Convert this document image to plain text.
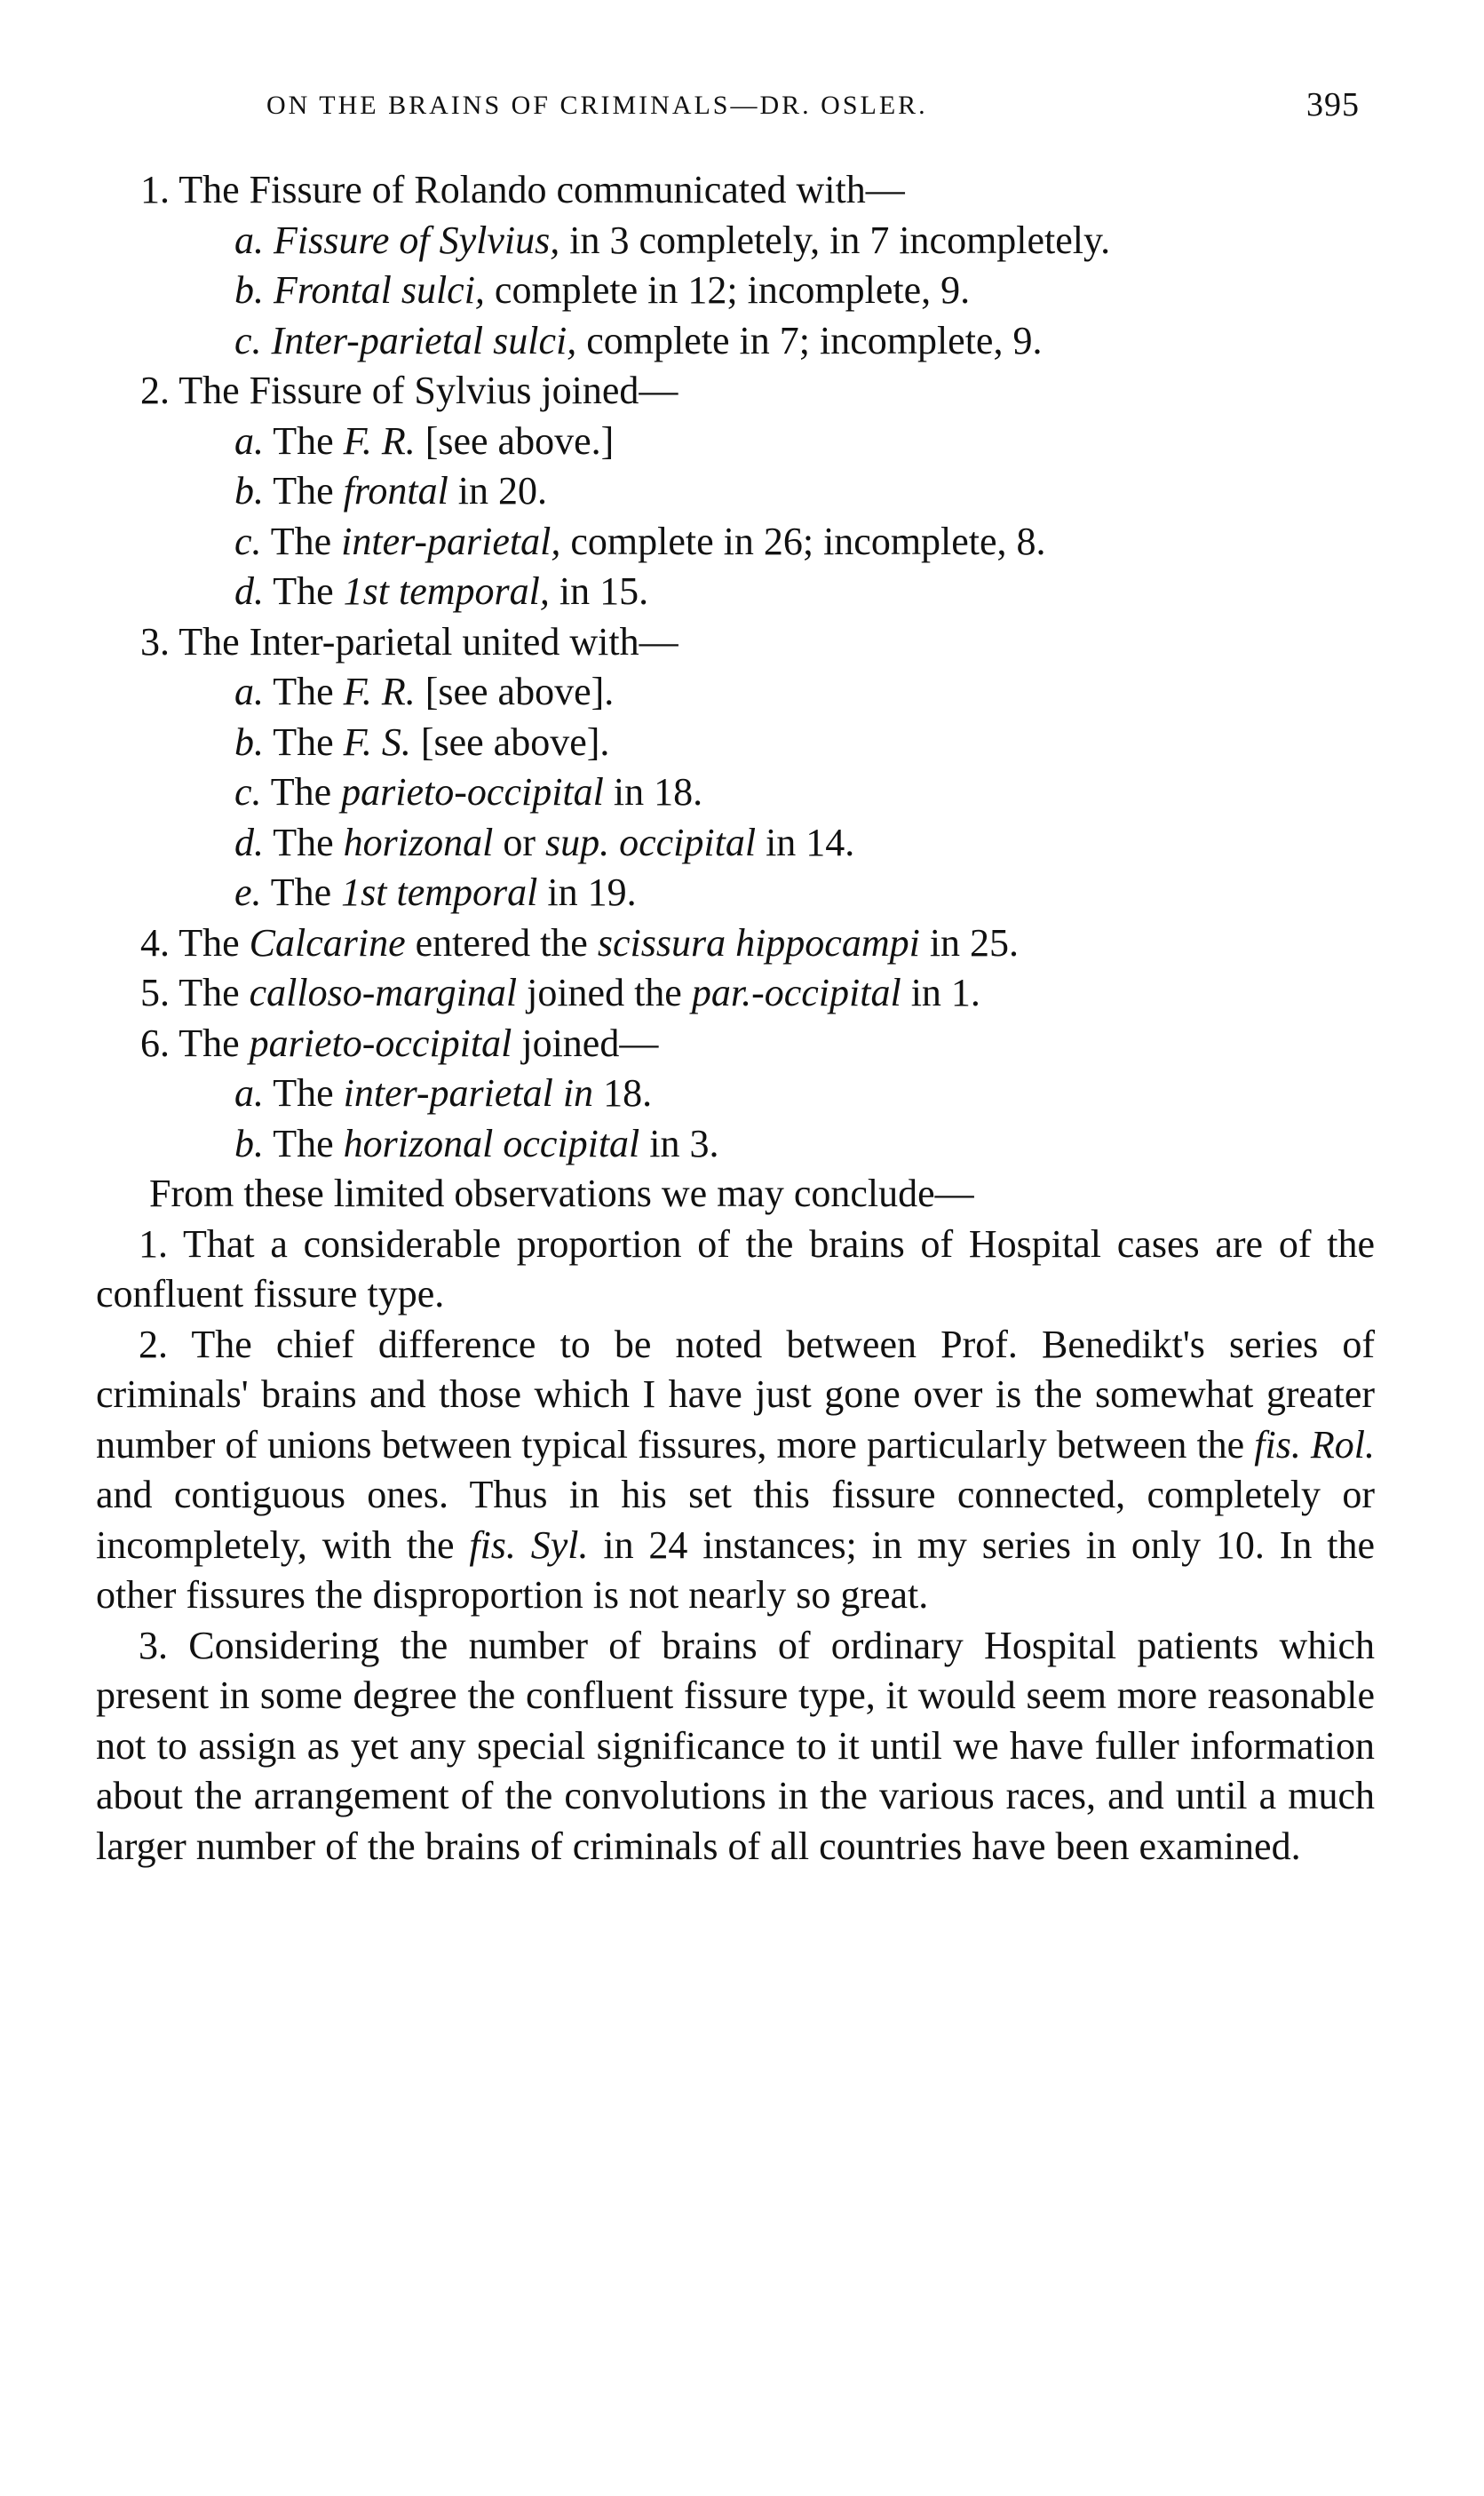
ON THE BRAINS OF CRIMINALS—DR. OSLER.	395
1. The Fissure of Rolando communicated with—
a. Fissure of Sylvius, in 3 completely, in 7 incompletely.
b. Frontal sulci, complete in 12; incomplete, 9.
c. Inter-parietal sulci, complete in 7; incomplete, 9.
2. The Fissure of Sylvius joined—
a. The F. R. [see above.]
b. The frontal in 20.
c. The inter-parietal, complete in 26; incomplete, 8.
d. The 1st temporal, in 15.
3. The Inter-parietal united with—
a. The F. R. [see above].
b. The F. S. [see above].
c. The parieto-occipital in 18.
d. The horizonal or sup. occipital in 14.
e. The 1st temporal in 19.
4. The Calcarine entered the scissura hippocampi in 25.
5. The calloso-marginal joined the par.-occipital in 1.
6. The parieto-occipital joined—
a. The inter-parietal in 18.
b. The horizonal occipital in 3.
From these limited observations we may conclude—
1. That a considerable proportion of the brains of Hospital cases are of the confluent fissure type.
2. The chief difference to be noted between Prof. Benedikt's series of criminals' brains and those which I have just gone over is the somewhat greater number of unions between typical fissures, more particularly between the fis. Rol. and contiguous ones. Thus in his set this fissure connected, completely or incompletely, with the fis. Syl. in 24 instances; in my series in only 10. In the other fissures the disproportion is not nearly so great.
3. Considering the number of brains of ordinary Hospital patients which present in some degree the confluent fissure type, it would seem more reasonable not to assign as yet any special significance to it until we have fuller information about the arrangement of the convolutions in the various races, and until a much larger number of the brains of criminals of all countries have been examined.
